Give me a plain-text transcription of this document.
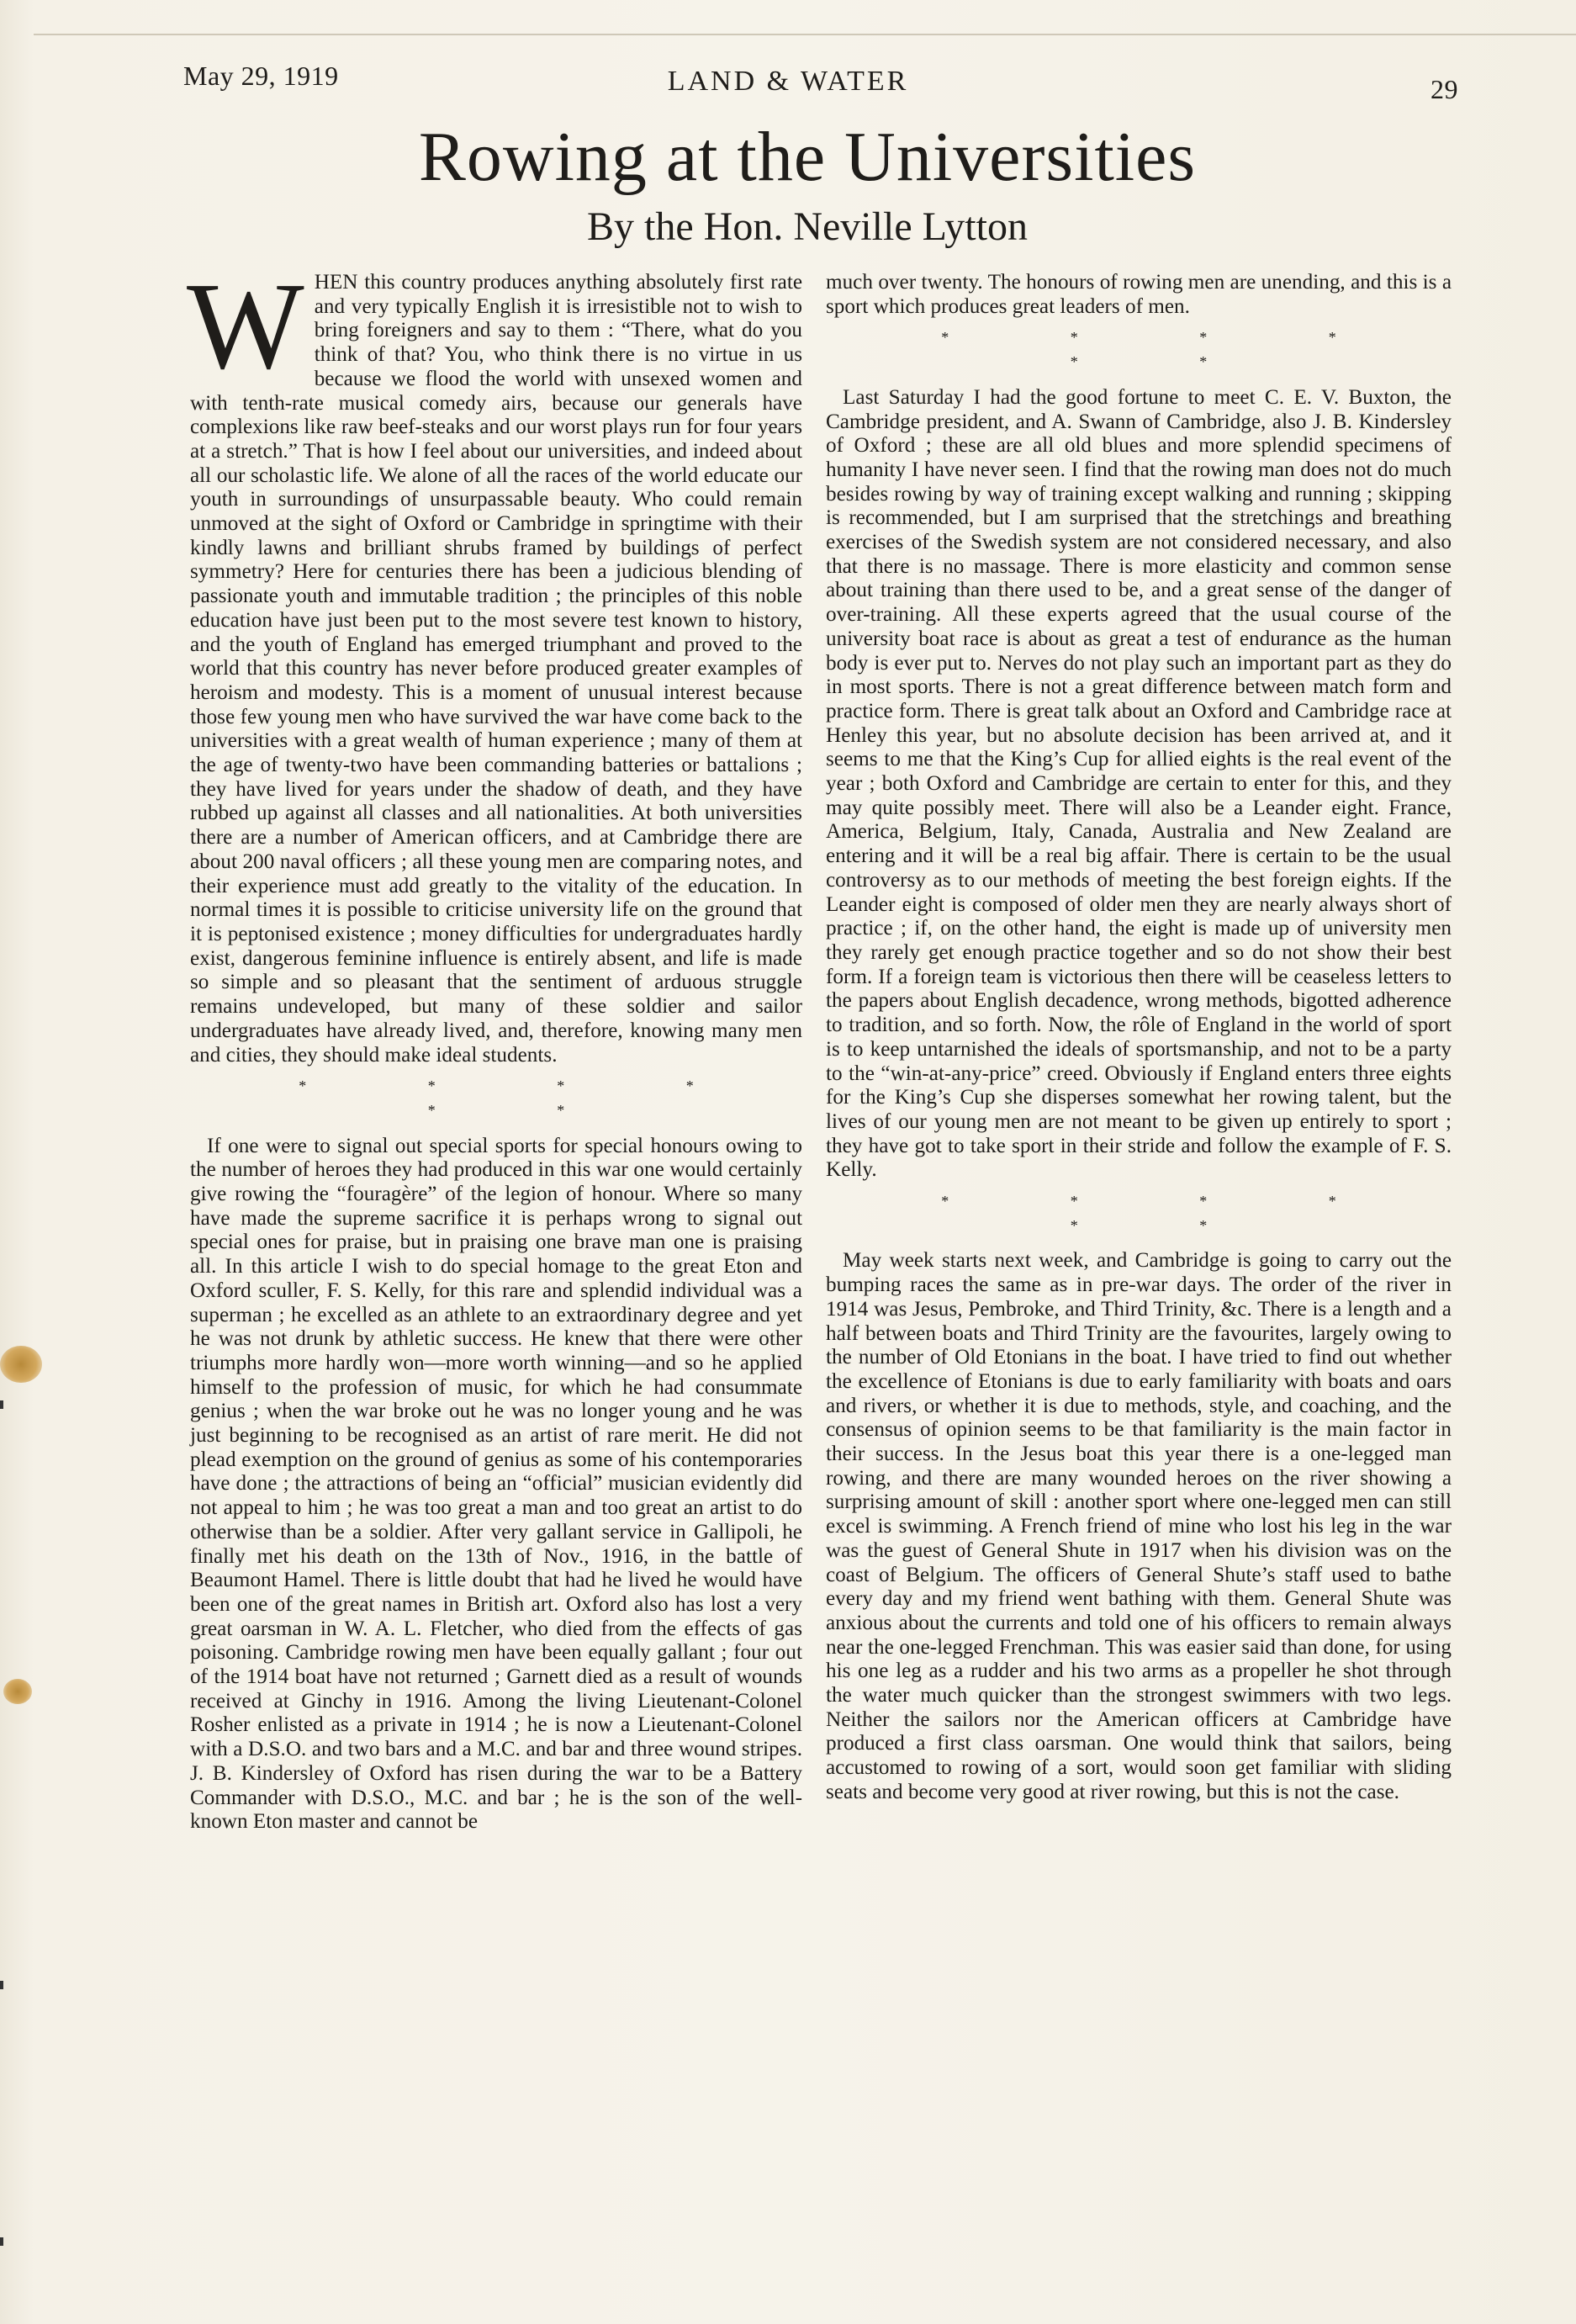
May 29, 1919	LAND & WATER	29
Rowing at the Universities
By the Hon. Neville Lytton

WHEN this country produces anything absolutely first rate and very typically English it is irresistible not to wish to bring foreigners and say to them : “There, what do you think of that? You, who think there is no virtue in us because we flood the world with unsexed women and with tenth-rate musical comedy airs, because our generals have complexions like raw beef-steaks and our worst plays run for four years at a stretch.” That is how I feel about our universities, and indeed about all our scholastic life. We alone of all the races of the world educate our youth in surroundings of unsurpassable beauty. Who could remain unmoved at the sight of Oxford or Cambridge in springtime with their kindly lawns and brilliant shrubs framed by buildings of perfect symmetry? Here for centuries there has been a judicious blending of passionate youth and immutable tradition ; the principles of this noble education have just been put to the most severe test known to history, and the youth of England has emerged triumphant and proved to the world that this country has never before produced greater examples of heroism and modesty. This is a moment of unusual interest because those few young men who have survived the war have come back to the universities with a great wealth of human experience ; many of them at the age of twenty-two have been commanding batteries or battalions ; they have lived for years under the shadow of death, and they have rubbed up against all classes and all nationalities. At both universities there are a number of American officers, and at Cambridge there are about 200 naval officers ; all these young men are comparing notes, and their experience must add greatly to the vitality of the education. In normal times it is possible to criticise university life on the ground that it is peptonised existence ; money difficulties for undergraduates hardly exist, dangerous feminine influence is entirely absent, and life is made so simple and so pleasant that the sentiment of arduous struggle remains undeveloped, but many of these soldier and sailor undergraduates have already lived, and, therefore, knowing many men and cities, they should make ideal students.

* * * * * *

If one were to signal out special sports for special honours owing to the number of heroes they had produced in this war one would certainly give rowing the “fouragère” of the legion of honour. Where so many have made the supreme sacrifice it is perhaps wrong to signal out special ones for praise, but in praising one brave man one is praising all. In this article I wish to do special homage to the great Eton and Oxford sculler, F. S. Kelly, for this rare and splendid individual was a superman ; he excelled as an athlete to an extraordinary degree and yet he was not drunk by athletic success. He knew that there were other triumphs more hardly won—more worth winning—and so he applied himself to the profession of music, for which he had consummate genius ; when the war broke out he was no longer young and he was just beginning to be recognised as an artist of rare merit. He did not plead exemption on the ground of genius as some of his contemporaries have done ; the attractions of being an “official” musician evidently did not appeal to him ; he was too great a man and too great an artist to do otherwise than be a soldier. After very gallant service in Gallipoli, he finally met his death on the 13th of Nov., 1916, in the battle of Beaumont Hamel. There is little doubt that had he lived he would have been one of the great names in British art. Oxford also has lost a very great oarsman in W. A. L. Fletcher, who died from the effects of gas poisoning. Cambridge rowing men have been equally gallant ; four out of the 1914 boat have not returned ; Garnett died as a result of wounds received at Ginchy in 1916. Among the living Lieutenant-Colonel Rosher enlisted as a private in 1914 ; he is now a Lieutenant-Colonel with a D.S.O. and two bars and a M.C. and bar and three wound stripes. J. B. Kindersley of Oxford has risen during the war to be a Battery Commander with D.S.O., M.C. and bar ; he is the son of the well-known Eton master and cannot be

much over twenty. The honours of rowing men are unending, and this is a sport which produces great leaders of men.

* * * * * *

Last Saturday I had the good fortune to meet C. E. V. Buxton, the Cambridge president, and A. Swann of Cambridge, also J. B. Kindersley of Oxford ; these are all old blues and more splendid specimens of humanity I have never seen. I find that the rowing man does not do much besides rowing by way of training except walking and running ; skipping is recommended, but I am surprised that the stretchings and breathing exercises of the Swedish system are not considered necessary, and also that there is no massage. There is more elasticity and common sense about training than there used to be, and a great sense of the danger of over-training. All these experts agreed that the usual course of the university boat race is about as great a test of endurance as the human body is ever put to. Nerves do not play such an important part as they do in most sports. There is not a great difference between match form and practice form. There is great talk about an Oxford and Cambridge race at Henley this year, but no absolute decision has been arrived at, and it seems to me that the King’s Cup for allied eights is the real event of the year ; both Oxford and Cambridge are certain to enter for this, and they may quite possibly meet. There will also be a Leander eight. France, America, Belgium, Italy, Canada, Australia and New Zealand are entering and it will be a real big affair. There is certain to be the usual controversy as to our methods of meeting the best foreign eights. If the Leander eight is composed of older men they are nearly always short of practice ; if, on the other hand, the eight is made up of university men they rarely get enough practice together and so do not show their best form. If a foreign team is victorious then there will be ceaseless letters to the papers about English decadence, wrong methods, bigotted adherence to tradition, and so forth. Now, the rôle of England in the world of sport is to keep untarnished the ideals of sportsmanship, and not to be a party to the “win-at-any-price” creed. Obviously if England enters three eights for the King’s Cup she disperses somewhat her rowing talent, but the lives of our young men are not meant to be given up entirely to sport ; they have got to take sport in their stride and follow the example of F. S. Kelly.

* * * * * *

May week starts next week, and Cambridge is going to carry out the bumping races the same as in pre-war days. The order of the river in 1914 was Jesus, Pembroke, and Third Trinity, &c. There is a length and a half between boats and Third Trinity are the favourites, largely owing to the number of Old Etonians in the boat. I have tried to find out whether the excellence of Etonians is due to early familiarity with boats and oars and rivers, or whether it is due to methods, style, and coaching, and the consensus of opinion seems to be that familiarity is the main factor in their success. In the Jesus boat this year there is a one-legged man rowing, and there are many wounded heroes on the river showing a surprising amount of skill : another sport where one-legged men can still excel is swimming. A French friend of mine who lost his leg in the war was the guest of General Shute in 1917 when his division was on the coast of Belgium. The officers of General Shute’s staff used to bathe every day and my friend went bathing with them. General Shute was anxious about the currents and told one of his officers to remain always near the one-legged Frenchman. This was easier said than done, for using his one leg as a rudder and his two arms as a propeller he shot through the water much quicker than the strongest swimmers with two legs. Neither the sailors nor the American officers at Cambridge have produced a first class oarsman. One would think that sailors, being accustomed to rowing of a sort, would soon get familiar with sliding seats and become very good at river rowing, but this is not the case.
